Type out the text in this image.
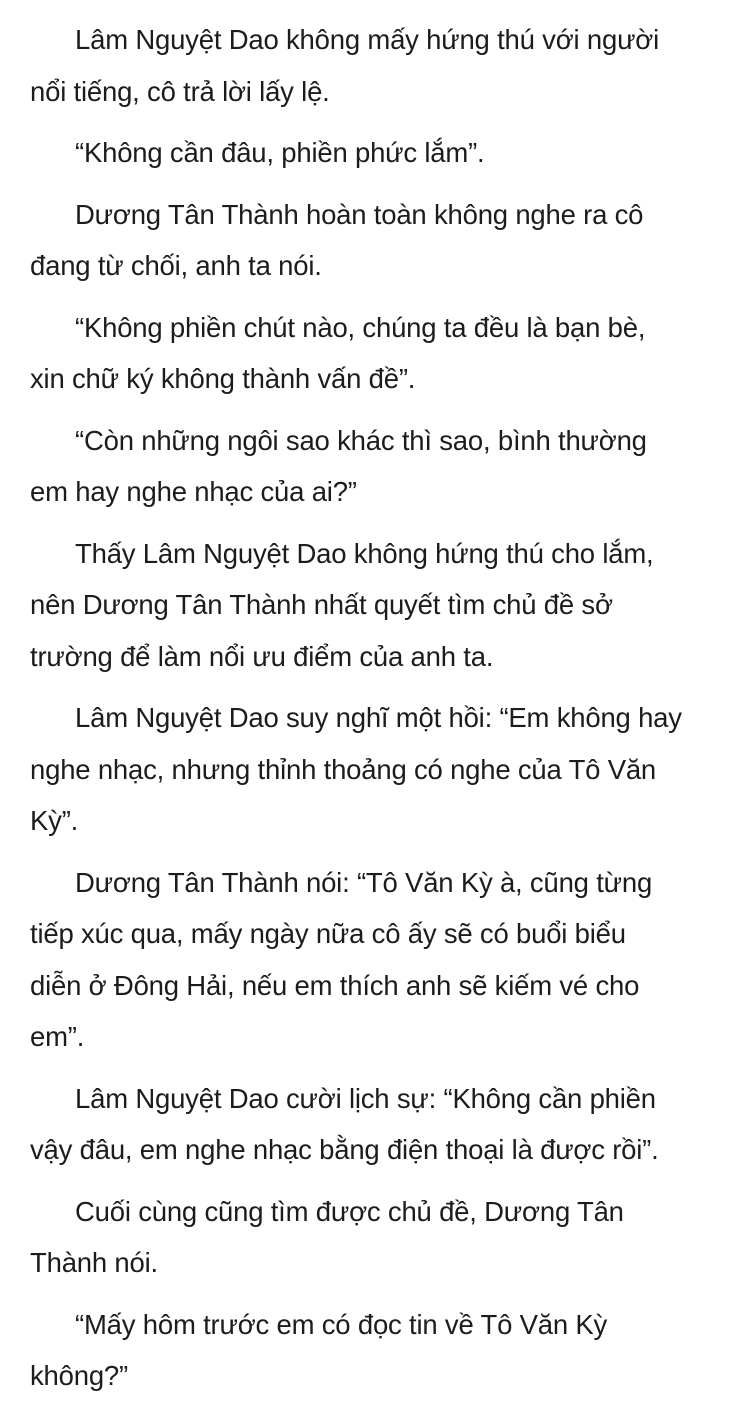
Lâm Nguyệt Dao không mấy hứng thú với người
nổi tiếng, cô trả lời lấy lệ.

“Không cần đâu, phiền phức lắm”.

Dương Tân Thành hoàn toàn không nghe ra cô
đang từ chối, anh ta nói.

“Không phiền chút nào, chúng ta đều là bạn bè,
xin chữ ký không thành vấn đề”.

“Còn những ngôi sao khác thì sao, bình thường
em hay nghe nhạc của ai?”

Thấy Lâm Nguyệt Dao không hứng thú cho lắm,
nên Dương Tân Thành nhất quyết tìm chủ đề sở
trường để làm nổi ưu điểm của anh ta.

Lâm Nguyệt Dao suy nghĩ một hồi: “Em không hay
nghe nhạc, nhưng thỉnh thoảng có nghe của Tô Văn
Kỳ”.

Dương Tân Thành nói: “Tô Văn Kỳ à, cũng từng
tiếp xúc qua, mấy ngày nữa cô ấy sẽ có buổi biểu
diễn ở Đông Hải, nếu em thích anh sẽ kiếm vé cho
em”.

Lâm Nguyệt Dao cười lịch sự: “Không cần phiền
vậy đâu, em nghe nhạc bằng điện thoại là được rồi”.

Cuối cùng cũng tìm được chủ đề, Dương Tân
Thành nói.

“Mấy hôm trước em có đọc tin về Tô Văn Kỳ
không?”
